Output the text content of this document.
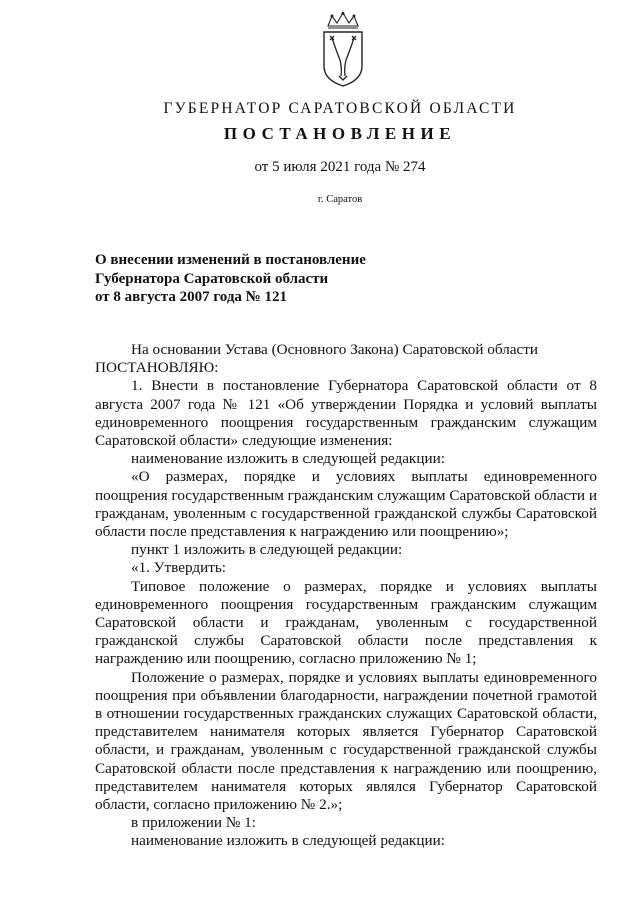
ГУБЕРНАТОР САРАТОВСКОЙ ОБЛАСТИ
ПОСТАНОВЛЕНИЕ
от 5 июля 2021 года № 274
г. Саратов
О внесении изменений в постановление
Губернатора Саратовской области
от 8 августа 2007 года № 121

На основании Устава (Основного Закона) Саратовской области

ПОСТАНОВЛЯЮ:

1. Внести в постановление Губернатора Саратовской области от 8 августа 2007 года № 121 «Об утверждении Порядка и условий выплаты единовременного поощрения государственным гражданским служащим Саратовской области» следующие изменения:

наименование изложить в следующей редакции:

«О размерах, порядке и условиях выплаты единовременного поощрения государственным гражданским служащим Саратовской области и гражданам, уволенным с государственной гражданской службы Саратовской области после представления к награждению или поощрению»;

пункт 1 изложить в следующей редакции:

«1. Утвердить:

Типовое положение о размерах, порядке и условиях выплаты единовременного поощрения государственным гражданским служащим Саратовской области и гражданам, уволенным с государственной гражданской службы Саратовской области после представления к награждению или поощрению, согласно приложению № 1;

Положение о размерах, порядке и условиях выплаты единовременного поощрения при объявлении благодарности, награждении почетной грамотой в отношении государственных гражданских служащих Саратовской области, представителем нанимателя которых является Губернатор Саратовской области, и гражданам, уволенным с государственной гражданской службы Саратовской области после представления к награждению или поощрению, представителем нанимателя которых являлся Губернатор Саратовской области, согласно приложению № 2.»;

в приложении № 1:

наименование изложить в следующей редакции:
